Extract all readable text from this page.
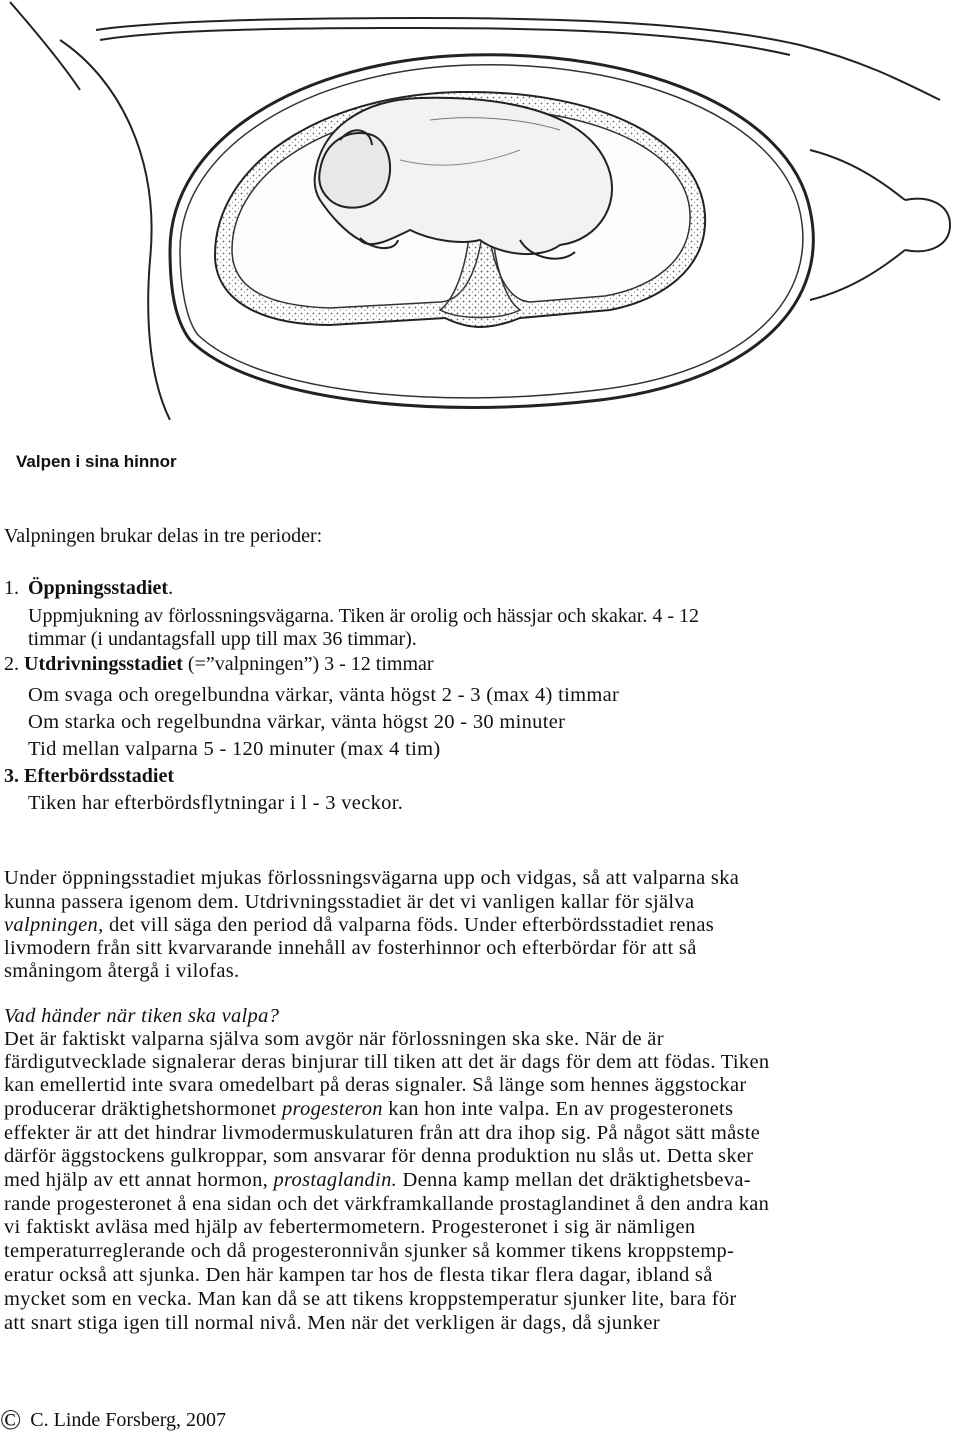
Valpen i sina hinnor
Valpningen brukar delas in tre perioder:
1. Öppningsstadiet.
Uppmjukning av förlossningsvägarna. Tiken är orolig och hässjar och skakar. 4 - 12
timmar (i undantagsfall upp till max 36 timmar).
2. Utdrivningsstadiet (=”valpningen”) 3 - 12 timmar
Om svaga och oregelbundna värkar, vänta högst 2 - 3 (max 4) timmar
Om starka och regelbundna värkar, vänta högst 20 - 30 minuter
Tid mellan valparna 5 - 120 minuter (max 4 tim)
3. Efterbördsstadiet
Tiken har efterbördsflytningar i l - 3 veckor.
Under öppningsstadiet mjukas förlossningsvägarna upp och vidgas, så att valparna ska
kunna passera igenom dem. Utdrivningsstadiet är det vi vanligen kallar för själva
valpningen, det vill säga den period då valparna föds. Under efterbördsstadiet renas
livmodern från sitt kvarvarande innehåll av fosterhinnor och efterbördar för att så
småningom återgå i vilofas.
Vad händer när tiken ska valpa?
Det är faktiskt valparna själva som avgör när förlossningen ska ske. När de är
färdigutvecklade signalerar deras binjurar till tiken att det är dags för dem att födas. Tiken
kan emellertid inte svara omedelbart på deras signaler. Så länge som hennes äggstockar
producerar dräktighetshormonet progesteron kan hon inte valpa. En av progesteronets
effekter är att det hindrar livmodermuskulaturen från att dra ihop sig. På något sätt måste
därför äggstockens gulkroppar, som ansvarar för denna produktion nu slås ut. Detta sker
med hjälp av ett annat hormon, prostaglandin. Denna kamp mellan det dräktighetsbeva-
rande progesteronet å ena sidan och det värkframkallande prostaglandinet å den andra kan
vi faktiskt avläsa med hjälp av febertermometern. Progesteronet i sig är nämligen
temperaturreglerande och då progesteronnivån sjunker så kommer tikens kroppstemp-
eratur också att sjunka. Den här kampen tar hos de flesta tikar flera dagar, ibland så
mycket som en vecka. Man kan då se att tikens kroppstemperatur sjunker lite, bara för
att snart stiga igen till normal nivå. Men när det verkligen är dags, då sjunker
© C. Linde Forsberg, 2007
